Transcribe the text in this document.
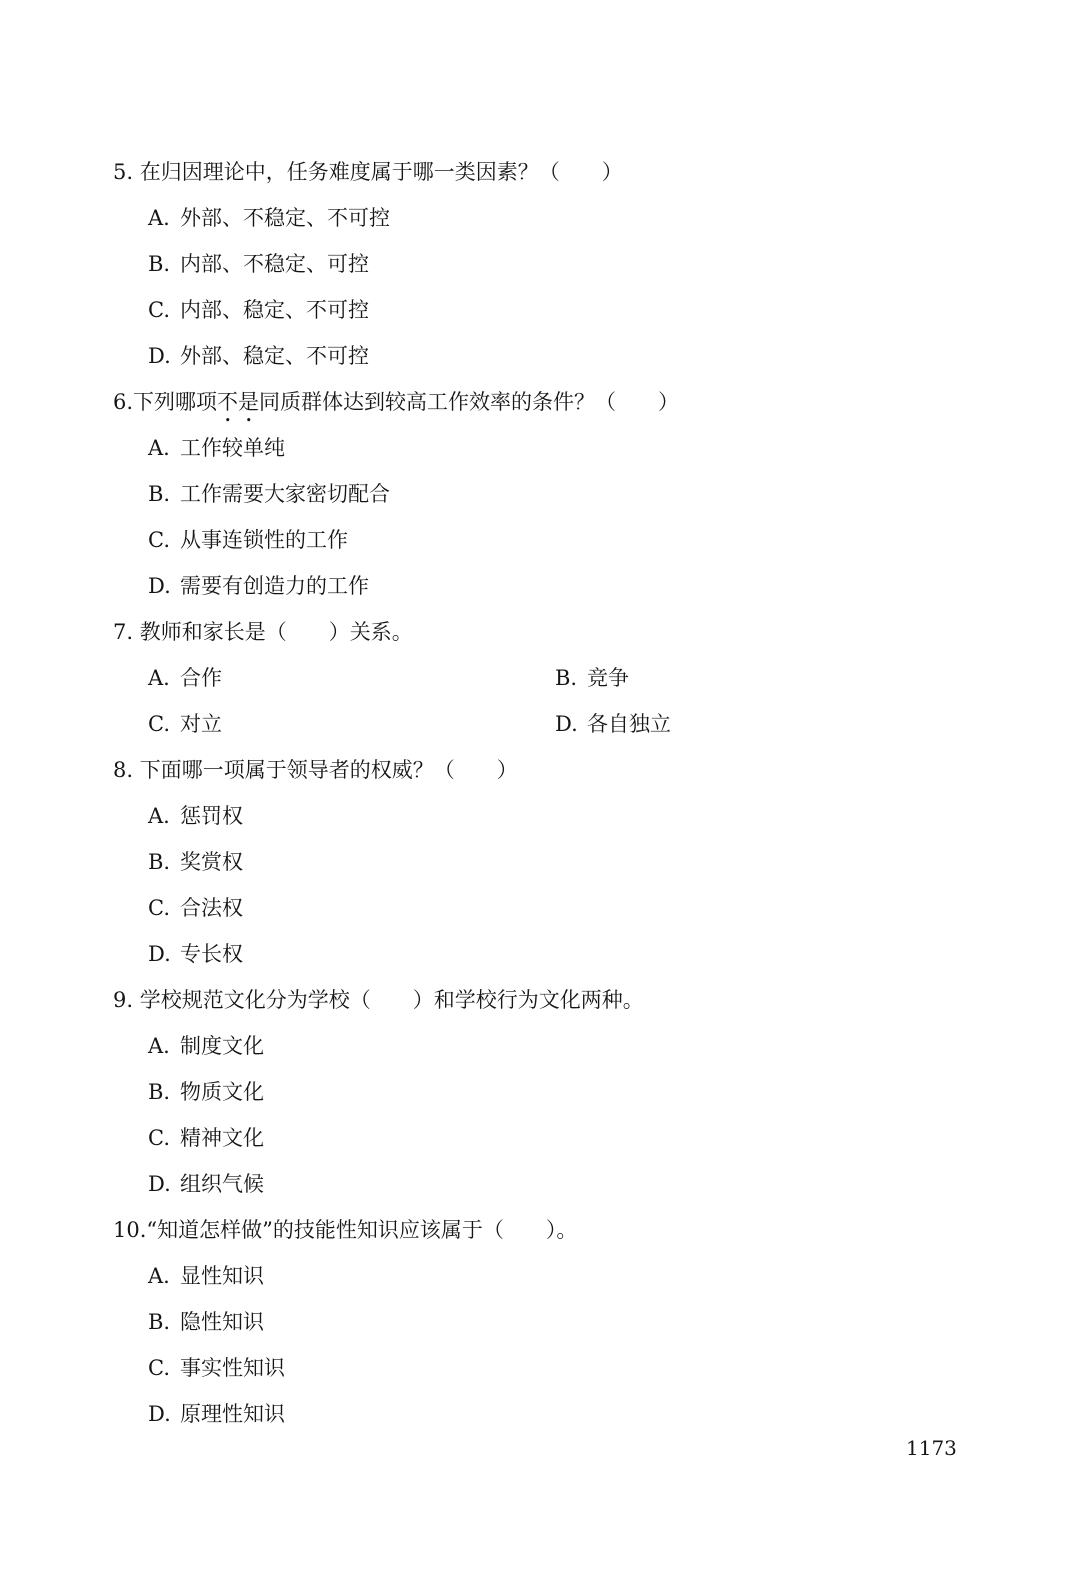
5. 在归因理论中，任务难度属于哪一类因素？（　　）
A. 外部、不稳定、不可控
B. 内部、不稳定、可控
C. 内部、稳定、不可控
D. 外部、稳定、不可控
6.下列哪项不是同质群体达到较高工作效率的条件？（　　）
A. 工作较单纯
B. 工作需要大家密切配合
C. 从事连锁性的工作
D. 需要有创造力的工作
7. 教师和家长是（　　）关系。
A. 合作	B. 竞争
C. 对立	D. 各自独立
8. 下面哪一项属于领导者的权威？（　　）
A. 惩罚权
B. 奖赏权
C. 合法权
D. 专长权
9. 学校规范文化分为学校（　　）和学校行为文化两种。
A. 制度文化
B. 物质文化
C. 精神文化
D. 组织气候
10.“知道怎样做”的技能性知识应该属于（　　）。
A. 显性知识
B. 隐性知识
C. 事实性知识
D. 原理性知识
1173
